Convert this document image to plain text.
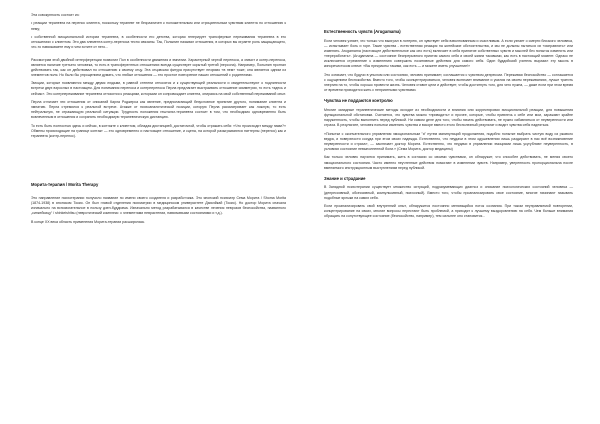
Эта совокупность состоит из:

• реакции терапевта на перенос клиента, поскольку терапевт не безразличен к положительным или отрицательным чувствам клиента по отношению к нему;

• собственной эмоциональной истории терапевта, в особенности его детства, которая генерирует трансферные переживания терапевта в его отношениях с клиентом. Эти два элемента контр-переноса тесно связаны. Так, Полынин называл отношения, в которых вы играете роль защищающего, что-то навязываете ему и чем хотите от него...

Рассмотрим этой двойной интерференции позволил Пол в особенности движения и эмпатии. Характерный чертой переноса, а значит и контр-переноса, является наличие третьего человека, то есть в трансферентных отношениях всегда существует скрытый третий (персона). Например, Полынин прогнал действовать так, как он действовал по отношению к своему отцу. Эта отцовская фигура присутствует незримо «в нем» тоже; она является одним из элементов поля. Но было бы упрощением думать, что любые отношения — это простое повторение наших отношений с родителями.

Эмоции, которые появляются между двумя людьми, в равной степени относятся и к существующей реальности и свидетельствуют о подлинности встречи двух взрослых в настоящем. Для понимания переноса и контрпереноса Перла предлагает выстраивать отношение симметрии, то есть «здесь и сейчас». Это контрпереживание терапевта относится к реакциям, которыми он сопровождает клиента, опираясь на свой собственный переживаний опыт.

Перла отличает эти отношения от описаний Карла Роджерса как явление, предполагающий безусловное принятие другого, понимание клиента и эмпатию. Перла стремился к реальной встрече. Атакже от психоаналитической позиции, которую Перла рассматривает как ложную, то есть нейтральную, не отражающую реальной ситуации. Трудность положения гештальт-терапевта состоит в том, что необходимо одновременно быть вовлеченным в отношения и сохранять необходимую терапевтическую дистанцию.

То есть быть полностью здесь и сейчас, в контакте с клиентом, обладая дистанцией, достаточной, чтобы отражать себя: «Что происходит между нами?» Обмены происходящие на границе контакт — это одновременно и настоящее отношение, и сцена, на которой разыгрываются паттерны (перенос) как и терапевта (контр-перенос).

Морита-терапия / Morita Therapy

Это направление психотерапии получило название по имени своего создателя и разработчика. Это японский психиатр Сема Морита / Shoma Morita (1874-1938) в японском Токио. Он был главой отделения психиатрии в медицинском университете Дзикэйкай (Токио). Но доктор Морита сначала изначально на вспомогательное в пользу дзен-буддизма. Изначально метод разрабатывался в качестве лечения неврозов беспокойства, названного „синкейсицу“ / shinkeishitsu (невротический комплекс: с элементами неврастении, навязчивыми состояниями и т.д.).

В конце XX века область применения Морита-терапии расширилась

Естественность чувств (Arugamama)

Если человек узнает, что только что выиграл в лотерею, он чувствует себя взволнованным и счастливым. А если узнает о смерти близкого человека, — испытывает боль и горе. Такие чувства - естественная реакция на житейские обстоятельства, и мы не должны пытаться их «исправлять» или изменять. Arugamama (настоящее действительное как оно есть) включает в себя принятие собственных чувств и мыслей без попыток изменить или «переработать». (Arugamama — состояние беспрерывного приятия самого себя и своей жизни таковыми, как есть в настоящий момент. Однако не исключается стремление к изменению совершить позитивные действия для самого себя. Один буддийский учитель выразил эту мысль в киноречистском ключе: «Вы прекрасны такими, как есть — и можете иметь улучшение!»

Это означает, что будучи в унылом или состоянии, человек принимает, соглашается с чувством депрессии. Переживая беспокойство — соглашается с ощущением беспокойства. Вместо того, чтобы сконцентрироваться, человек включает внимание и усилия на своем переживаниях, лучше тратить энергию на то, чтобы хорошо провести жизнь. Человек ставит цели и действует, чтобы достигнуть того, для чего нужна, — даже если при этом время от времени приходится жить с неприятными чувствами.

Чувства не поддаются контролю

Многие западные терапевтические методы исходят из необходимости и влияния или корректировки эмоциональной реакции, для повышения функциональной обстановки. Считается, что чувства можно «приводить» и прочее, которые, чтобы привлечь к себе или мои, заражают крайне наруженность, чтобы выполнить перед публикой. Ни самом деле для того, чтобы начать действовать, не нужно избавляться от неуверенности или страха. В результате, человек попытки изменить чувства и вскоре вместо этого бесполезный результат и видит чувства себя надеяться.

«Попытки с окончательного управления эмоциональным "я" путем манипуляций продолжения, подобно попытке выбрать чистую воду из ржавого ведра, и поверхности сосуда при этом своих надежда. Естественно, что неудачи в этом одушевлении лишь раздирают в нас всё возникновение неуверенности и страха», — заключает доктор Морита. Естественно, что неудачи в управлении эмоциями лишь усугубляют неуверенность, в условиях состояние невыполненной боли.» (Сема Морита, доктор медицины)

Как только человек научится принимать, жить в согласии со своими чувствами, он обнаружит, что способен действовать, не меняя своего эмоционального состояния. Часто именно неучтенные действия помогают в изменении чувств. Например, уверенность пропорциональна после вменяемого инструкционным выступлениям перед публикой.

Знание и страдание

В Западной психотерапии существует множество ситуаций, подразумевающих диагноз и описание психологических состояний человека — (депрессивный, обсессивный, компульсивный, психозный). Вместо того, чтобы проанализировать свое состояние, многие начинают называть подобные ярлыки на самих себя.

Если проанализировать свой внутренний опыт, обнаружится постоянно меняющийся поток сознания. При таком неуправляемой повторении, концентрирование на своих, многие вопросы перестают быть проблемой, а приходят к лучшему выздоровлению на себя. Чем больше внимания обращать на сопутствующее состояние (беспокойство, например), тем сильнее оно становится...
